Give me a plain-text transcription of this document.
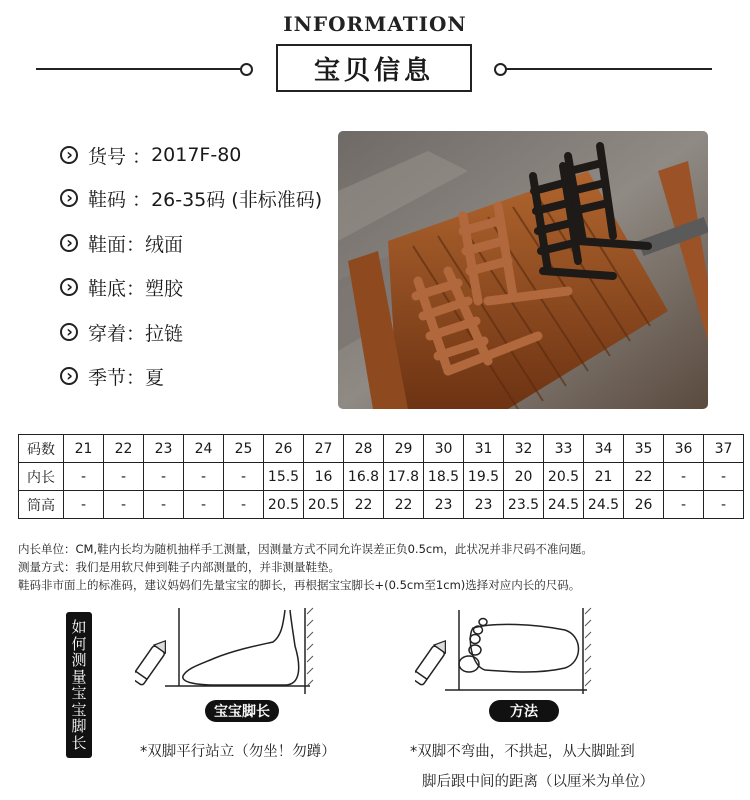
INFORMATION
宝贝信息
›
货号 ： 2017F-80
›
鞋码 ： 26-35码 (非标准码)
›
鞋面 ： 绒面
›
鞋底 ： 塑胶
›
穿着 ： 拉链
›
季节 ： 夏
码数	21	22	23	24	25	26	27	28	29	30	31	32	33	34	35	36	37
内长	-	-	-	-	-	15.5	16	16.8	17.8	18.5	19.5	20	20.5	21	22	-	-
筒高	-	-	-	-	-	20.5	20.5	22	22	23	23	23.5	24.5	24.5	26	-	-
内长单位：CM,鞋内长均为随机抽样手工测量，因测量方式不同允许误差正负0.5cm，此状况并非尺码不准问题。
测量方式：我们是用软尺伸到鞋子内部测量的，并非测量鞋垫。
鞋码非市面上的标准码，建议妈妈们先量宝宝的脚长，再根据宝宝脚长+(0.5cm至1cm)选择对应内长的尺码。
如
何
测
量
宝
宝
脚
长
宝宝脚长	方法
*双脚平行站立（勿坐！勿蹲）	*双脚不弯曲，不拱起，从大脚趾到
脚后跟中间的距离（以厘米为单位）
